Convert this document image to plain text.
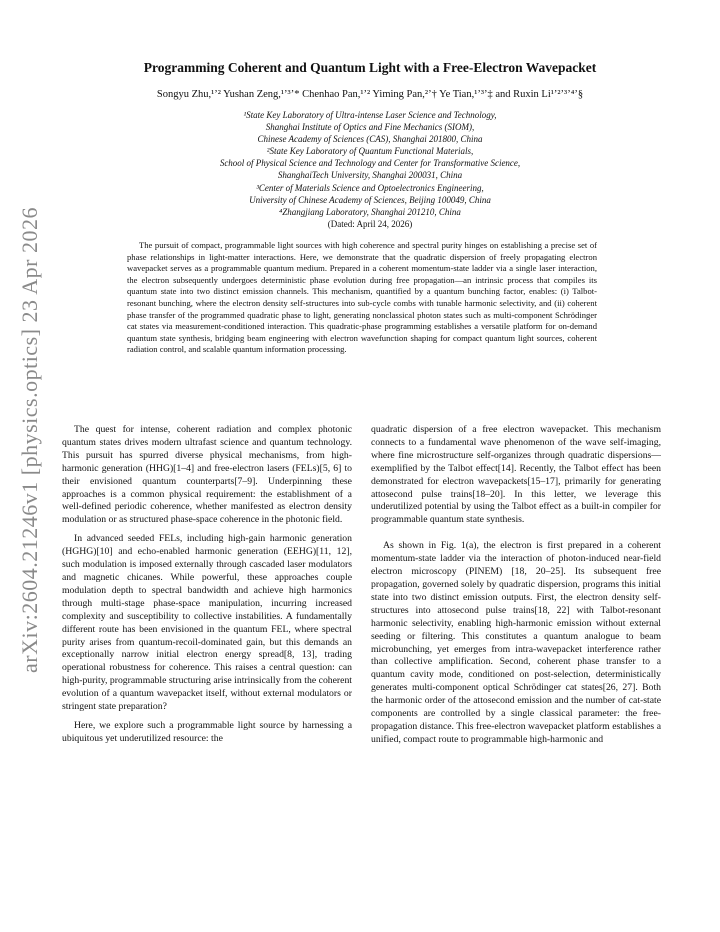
arXiv:2604.21246v1 [physics.optics] 23 Apr 2026
Programming Coherent and Quantum Light with a Free-Electron Wavepacket
Songyu Zhu,¹ʼ² Yushan Zeng,¹ʼ³ʼ* Chenhao Pan,¹ʼ² Yiming Pan,²ʼ† Ye Tian,¹ʼ³ʼ‡ and Ruxin Li¹ʼ²ʼ³ʼ⁴ʼ§
¹State Key Laboratory of Ultra-intense Laser Science and Technology,
Shanghai Institute of Optics and Fine Mechanics (SIOM),
Chinese Academy of Sciences (CAS), Shanghai 201800, China
²State Key Laboratory of Quantum Functional Materials,
School of Physical Science and Technology and Center for Transformative Science,
ShanghaiTech University, Shanghai 200031, China
³Center of Materials Science and Optoelectronics Engineering,
University of Chinese Academy of Sciences, Beijing 100049, China
⁴Zhangjiang Laboratory, Shanghai 201210, China
(Dated: April 24, 2026)
The pursuit of compact, programmable light sources with high coherence and spectral purity hinges on establishing a precise set of phase relationships in light-matter interactions. Here, we demonstrate that the quadratic dispersion of freely propagating electron wavepacket serves as a programmable quantum medium. Prepared in a coherent momentum-state ladder via a single laser interaction, the electron subsequently undergoes deterministic phase evolution during free propagation—an intrinsic process that compiles its quantum state into two distinct emission channels. This mechanism, quantified by a quantum bunching factor, enables: (i) Talbot-resonant bunching, where the electron density self-structures into sub-cycle combs with tunable harmonic selectivity, and (ii) coherent phase transfer of the programmed quadratic phase to light, generating nonclassical photon states such as multi-component Schrödinger cat states via measurement-conditioned interaction. This quadratic-phase programming establishes a versatile platform for on-demand quantum state synthesis, bridging beam engineering with electron wavefunction shaping for compact quantum light sources, coherent radiation control, and scalable quantum information processing.

The quest for intense, coherent radiation and complex photonic quantum states drives modern ultrafast science and quantum technology. This pursuit has spurred diverse physical mechanisms, from high-harmonic generation (HHG)[1–4] and free-electron lasers (FELs)[5, 6] to their envisioned quantum counterparts[7–9]. Underpinning these approaches is a common physical requirement: the establishment of a well-defined periodic coherence, whether manifested as electron density modulation or as structured phase-space coherence in the photonic field.

In advanced seeded FELs, including high-gain harmonic generation (HGHG)[10] and echo-enabled harmonic generation (EEHG)[11, 12], such modulation is imposed externally through cascaded laser modulators and magnetic chicanes. While powerful, these approaches couple modulation depth to spectral bandwidth and achieve high harmonics through multi-stage phase-space manipulation, incurring increased complexity and susceptibility to collective instabilities. A fundamentally different route has been envisioned in the quantum FEL, where spectral purity arises from quantum-recoil-dominated gain, but this demands an exceptionally narrow initial electron energy spread[8, 13], trading operational robustness for coherence. This raises a central question: can high-purity, programmable structuring arise intrinsically from the coherent evolution of a quantum wavepacket itself, without external modulators or stringent state preparation?

Here, we explore such a programmable light source by harnessing a ubiquitous yet underutilized resource: the

quadratic dispersion of a free electron wavepacket. This mechanism connects to a fundamental wave phenomenon of the wave self-imaging, where fine microstructure self-organizes through quadratic dispersions— exemplified by the Talbot effect[14]. Recently, the Talbot effect has been demonstrated for electron wavepackets[15–17], primarily for generating attosecond pulse trains[18–20]. In this letter, we leverage this underutilized potential by using the Talbot effect as a built-in compiler for programmable quantum state synthesis.

As shown in Fig. 1(a), the electron is first prepared in a coherent momentum-state ladder via the interaction of photon-induced near-field electron microscopy (PINEM) [18, 20–25]. Its subsequent free propagation, governed solely by quadratic dispersion, programs this initial state into two distinct emission outputs. First, the electron density self-structures into attosecond pulse trains[18, 22] with Talbot-resonant harmonic selectivity, enabling high-harmonic emission without external seeding or filtering. This constitutes a quantum analogue to beam microbunching, yet emerges from intra-wavepacket interference rather than collective amplification. Second, coherent phase transfer to a quantum cavity mode, conditioned on post-selection, deterministically generates multi-component optical Schrödinger cat states[26, 27]. Both the harmonic order of the attosecond emission and the number of cat-state components are controlled by a single classical parameter: the free-propagation distance. This free-electron wavepacket platform establishes a unified, compact route to programmable high-harmonic and
